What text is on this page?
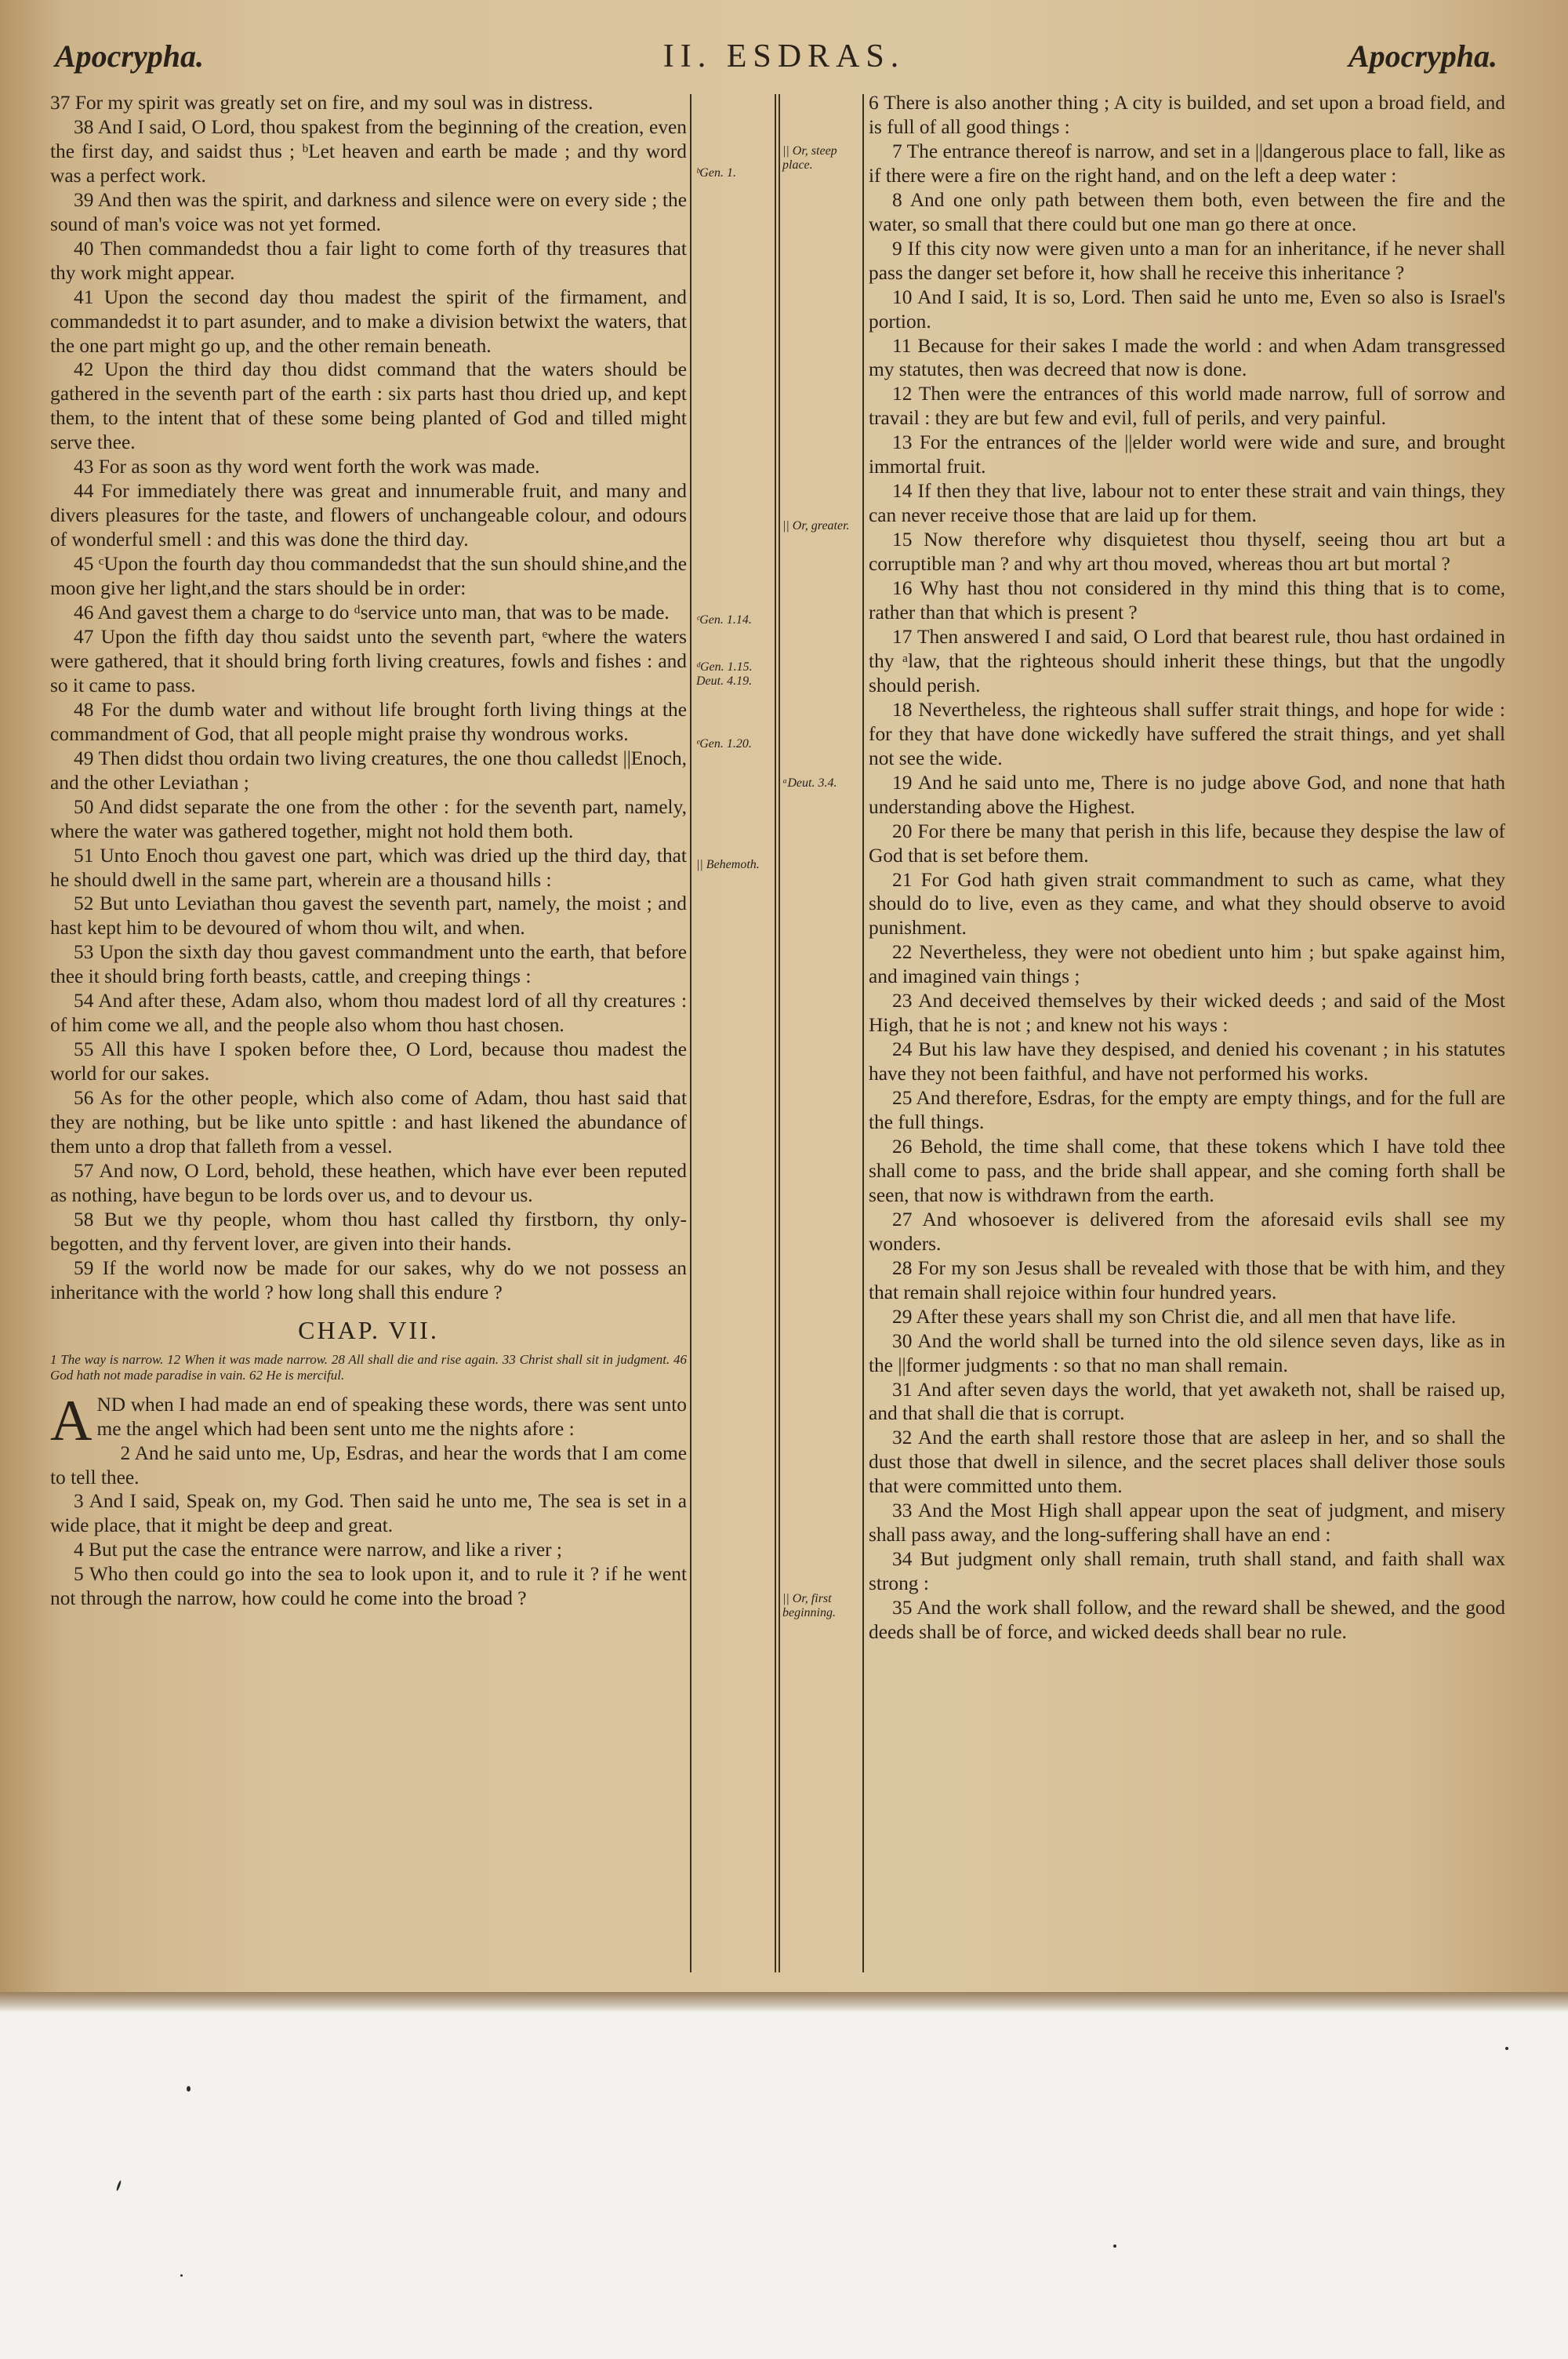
II. ESDRAS.
Apocrypha.	Apocrypha.

37 For my spirit was greatly set on fire, and my soul was in distress.

38 And I said, O Lord, thou spakest from the beginning of the creation, even the first day, and saidst thus ; ᵇLet heaven and earth be made ; and thy word was a perfect work.

39 And then was the spirit, and darkness and silence were on every side ; the sound of man's voice was not yet formed.

40 Then commandedst thou a fair light to come forth of thy treasures that thy work might appear.

41 Upon the second day thou madest the spirit of the firmament, and commandedst it to part asunder, and to make a division betwixt the waters, that the one part might go up, and the other remain beneath.

42 Upon the third day thou didst command that the waters should be gathered in the seventh part of the earth : six parts hast thou dried up, and kept them, to the intent that of these some being planted of God and tilled might serve thee.

43 For as soon as thy word went forth the work was made.

44 For immediately there was great and innumerable fruit, and many and divers pleasures for the taste, and flowers of unchangeable colour, and odours of wonderful smell : and this was done the third day.

45 ᶜUpon the fourth day thou commandedst that the sun should shine,and the moon give her light,and the stars should be in order:

46 And gavest them a charge to do ᵈservice unto man, that was to be made.

47 Upon the fifth day thou saidst unto the seventh part, ᵉwhere the waters were gathered, that it should bring forth living creatures, fowls and fishes : and so it came to pass.

48 For the dumb water and without life brought forth living things at the commandment of God, that all people might praise thy wondrous works.

49 Then didst thou ordain two living creatures, the one thou calledst ||Enoch, and the other Leviathan ;

50 And didst separate the one from the other : for the seventh part, namely, where the water was gathered together, might not hold them both.

51 Unto Enoch thou gavest one part, which was dried up the third day, that he should dwell in the same part, wherein are a thousand hills :

52 But unto Leviathan thou gavest the seventh part, namely, the moist ; and hast kept him to be devoured of whom thou wilt, and when.

53 Upon the sixth day thou gavest commandment unto the earth, that before thee it should bring forth beasts, cattle, and creeping things :

54 And after these, Adam also, whom thou madest lord of all thy creatures : of him come we all, and the people also whom thou hast chosen.

55 All this have I spoken before thee, O Lord, because thou madest the world for our sakes.

56 As for the other people, which also come of Adam, thou hast said that they are nothing, but be like unto spittle : and hast likened the abundance of them unto a drop that falleth from a vessel.

57 And now, O Lord, behold, these heathen, which have ever been reputed as nothing, have begun to be lords over us, and to devour us.

58 But we thy people, whom thou hast called thy firstborn, thy only-begotten, and thy fervent lover, are given into their hands.

59 If the world now be made for our sakes, why do we not possess an inheritance with the world ? how long shall this endure ?

CHAP. VII.
1 The way is narrow. 12 When it was made narrow. 28 All shall die and rise again. 33 Christ shall sit in judgment. 46 God hath not made paradise in vain. 62 He is merciful.

A ND when I had made an end of speaking these words, there was sent unto me the angel which had been sent unto me the nights afore :

2 And he said unto me, Up, Esdras, and hear the words that I am come to tell thee.

3 And I said, Speak on, my God. Then said he unto me, The sea is set in a wide place, that it might be deep and great.

4 But put the case the entrance were narrow, and like a river ;

5 Who then could go into the sea to look upon it, and to rule it ? if he went not through the narrow, how could he come into the broad ?

6 There is also another thing ; A city is builded, and set upon a broad field, and is full of all good things :

7 The entrance thereof is narrow, and set in a ||dangerous place to fall, like as if there were a fire on the right hand, and on the left a deep water :

8 And one only path between them both, even between the fire and the water, so small that there could but one man go there at once.

9 If this city now were given unto a man for an inheritance, if he never shall pass the danger set before it, how shall he receive this inheritance ?

10 And I said, It is so, Lord. Then said he unto me, Even so also is Israel's portion.

11 Because for their sakes I made the world : and when Adam transgressed my statutes, then was decreed that now is done.

12 Then were the entrances of this world made narrow, full of sorrow and travail : they are but few and evil, full of perils, and very painful.

13 For the entrances of the ||elder world were wide and sure, and brought immortal fruit.

14 If then they that live, labour not to enter these strait and vain things, they can never receive those that are laid up for them.

15 Now therefore why disquietest thou thyself, seeing thou art but a corruptible man ? and why art thou moved, whereas thou art but mortal ?

16 Why hast thou not considered in thy mind this thing that is to come, rather than that which is present ?

17 Then answered I and said, O Lord that bearest rule, thou hast ordained in thy ᵃlaw, that the righteous should inherit these things, but that the ungodly should perish.

18 Nevertheless, the righteous shall suffer strait things, and hope for wide : for they that have done wickedly have suffered the strait things, and yet shall not see the wide.

19 And he said unto me, There is no judge above God, and none that hath understanding above the Highest.

20 For there be many that perish in this life, because they despise the law of God that is set before them.

21 For God hath given strait commandment to such as came, what they should do to live, even as they came, and what they should observe to avoid punishment.

22 Nevertheless, they were not obedient unto him ; but spake against him, and imagined vain things ;

23 And deceived themselves by their wicked deeds ; and said of the Most High, that he is not ; and knew not his ways :

24 But his law have they despised, and denied his covenant ; in his statutes have they not been faithful, and have not performed his works.

25 And therefore, Esdras, for the empty are empty things, and for the full are the full things.

26 Behold, the time shall come, that these tokens which I have told thee shall come to pass, and the bride shall appear, and she coming forth shall be seen, that now is withdrawn from the earth.

27 And whosoever is delivered from the aforesaid evils shall see my wonders.

28 For my son Jesus shall be revealed with those that be with him, and they that remain shall rejoice within four hundred years.

29 After these years shall my son Christ die, and all men that have life.

30 And the world shall be turned into the old silence seven days, like as in the ||former judgments : so that no man shall remain.

31 And after seven days the world, that yet awaketh not, shall be raised up, and that shall die that is corrupt.

32 And the earth shall restore those that are asleep in her, and so shall the dust those that dwell in silence, and the secret places shall deliver those souls that were committed unto them.

33 And the Most High shall appear upon the seat of judgment, and misery shall pass away, and the long-suffering shall have an end :

34 But judgment only shall remain, truth shall stand, and faith shall wax strong :

35 And the work shall follow, and the reward shall be shewed, and the good deeds shall be of force, and wicked deeds shall bear no rule.

ᵇGen. 1.
ᶜGen. 1.14.
ᵈGen. 1.15. Deut. 4.19.
ᵉGen. 1.20.
|| Behemoth.
|| Or, steep place.
|| Or, greater.
ᵃDeut. 3.4.
|| Or, first beginning.
